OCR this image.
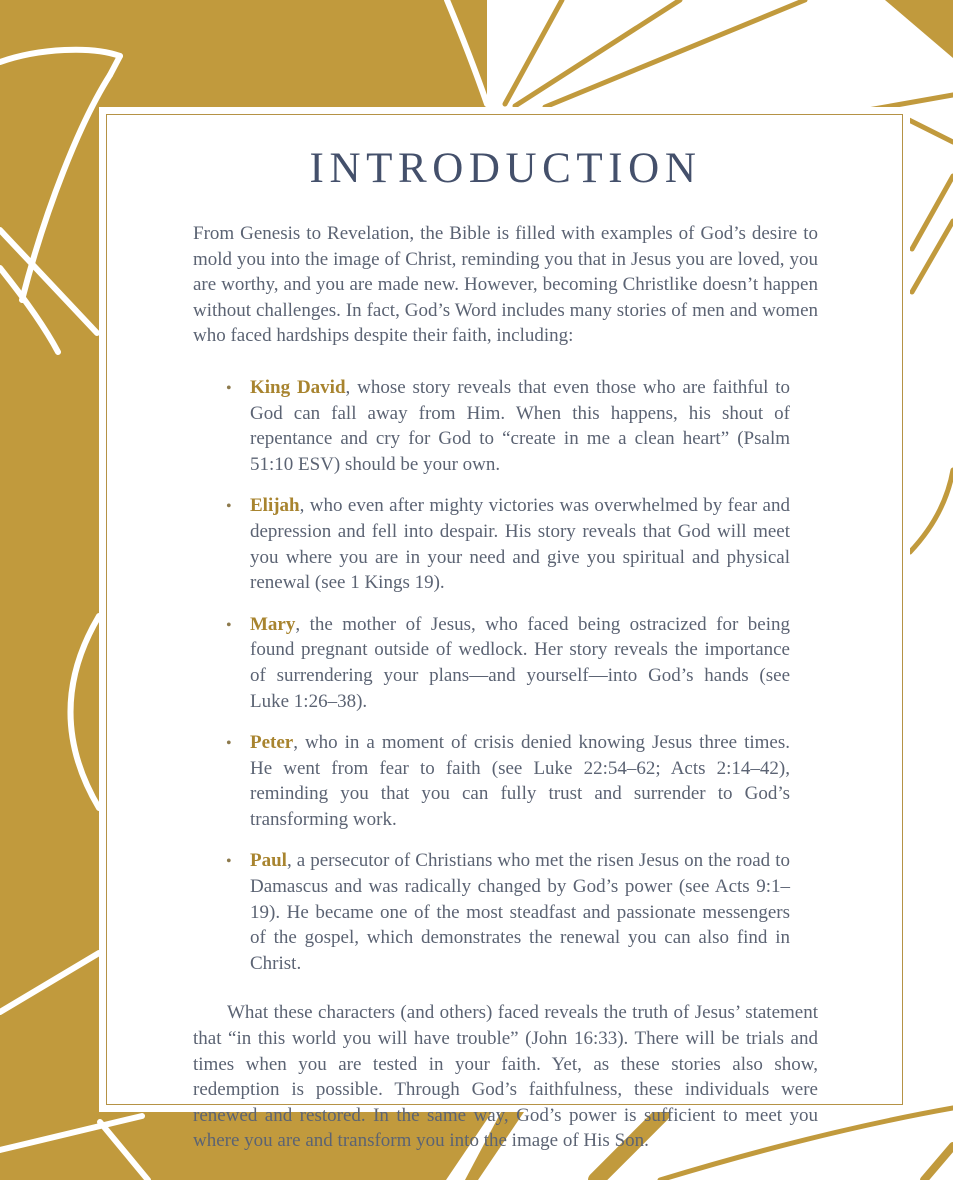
INTRODUCTION

From Genesis to Revelation, the Bible is filled with examples of God’s desire to mold you into the image of Christ, reminding you that in Jesus you are loved, you are worthy, and you are made new. However, becoming Christlike doesn’t happen without challenges. In fact, God’s Word includes many stories of men and women who faced hardships despite their faith, including:

• King David, whose story reveals that even those who are faithful to God can fall away from Him. When this happens, his shout of repentance and cry for God to “create in me a clean heart” (Psalm 51:10 ESV) should be your own.
• Elijah, who even after mighty victories was overwhelmed by fear and depression and fell into despair. His story reveals that God will meet you where you are in your need and give you spiritual and physical renewal (see 1 Kings 19).
• Mary, the mother of Jesus, who faced being ostracized for being found pregnant outside of wedlock. Her story reveals the importance of surrendering your plans—and yourself—into God’s hands (see Luke 1:26–38).
• Peter, who in a moment of crisis denied knowing Jesus three times. He went from fear to faith (see Luke 22:54–62; Acts 2:14–42), reminding you that you can fully trust and surrender to God’s transforming work.
• Paul, a persecutor of Christians who met the risen Jesus on the road to Damascus and was radically changed by God’s power (see Acts 9:1–19). He became one of the most steadfast and passionate messengers of the gospel, which demonstrates the renewal you can also find in Christ.

What these characters (and others) faced reveals the truth of Jesus’ statement that “in this world you will have trouble” (John 16:33). There will be trials and times when you are tested in your faith. Yet, as these stories also show, redemption is possible. Through God’s faithfulness, these individuals were renewed and restored. In the same way, God’s power is sufficient to meet you where you are and transform you into the image of His Son.
